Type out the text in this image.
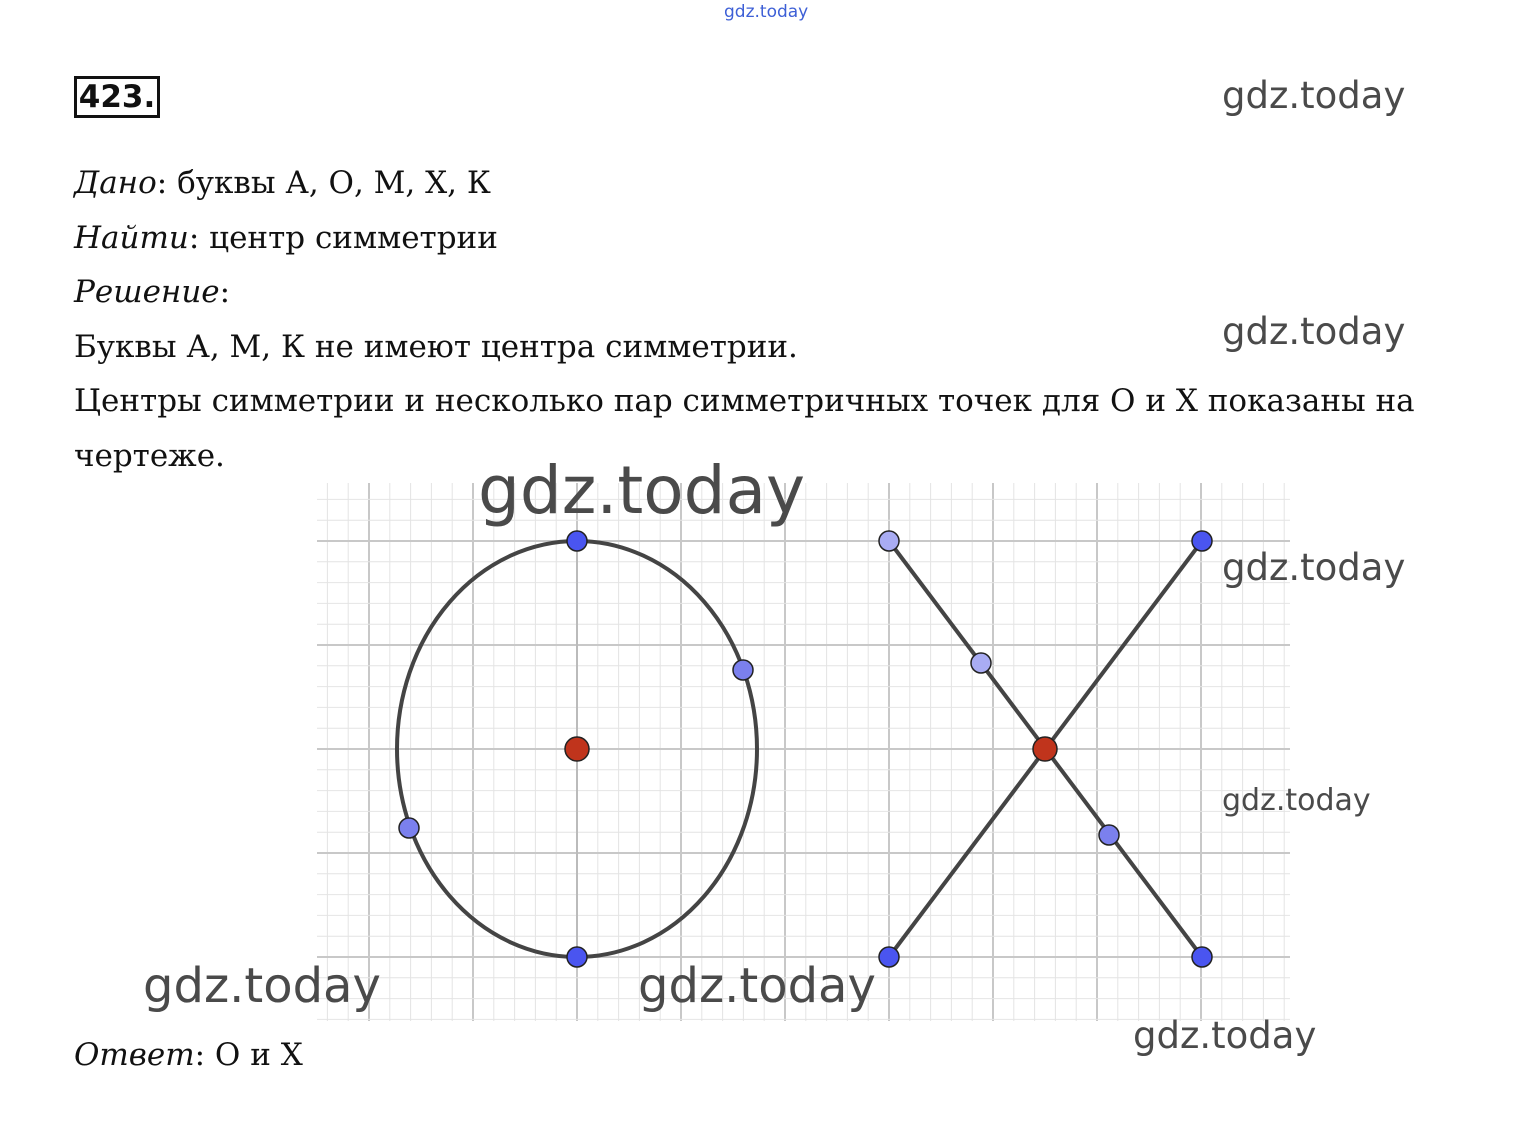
gdz.today
423.	gdz.today
Дано: буквы А, О, М, Х, К
Найти: центр симметрии
Решение:
Буквы А, М, К не имеют центра симметрии.	gdz.today
Центры симметрии и несколько пар симметричных точек для О и Х показаны на
чертеже.	gdz.today
gdz.today
gdz.today
gdz.today	gdz.today
gdz.today
Ответ: О и Х
